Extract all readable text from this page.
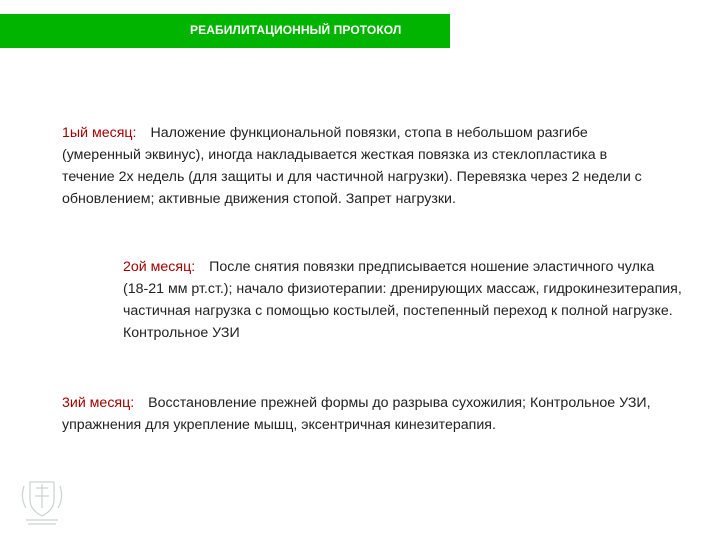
РЕАБИЛИТАЦИОННЫЙ ПРОТОКОЛ
1ый месяц: Наложение функциональной повязки, стопа в небольшом разгибе (умеренный эквинус), иногда накладывается жесткая повязка из стеклопластика в течение 2х недель (для защиты и для частичной нагрузки). Перевязка через 2 недели с обновлением; активные движения стопой. Запрет нагрузки.
2ой месяц: После снятия повязки предписывается ношение эластичного чулка (18-21 мм рт.ст.); начало физиотерапии: дренирующих массаж, гидрокинезитерапия, частичная нагрузка с помощью костылей, постепенный переход к полной нагрузке. Контрольное УЗИ
3ий месяц: Восстановление прежней формы до разрыва сухожилия; Контрольное УЗИ, упражнения для укрепление мышц, эксентричная кинезитерапия.
